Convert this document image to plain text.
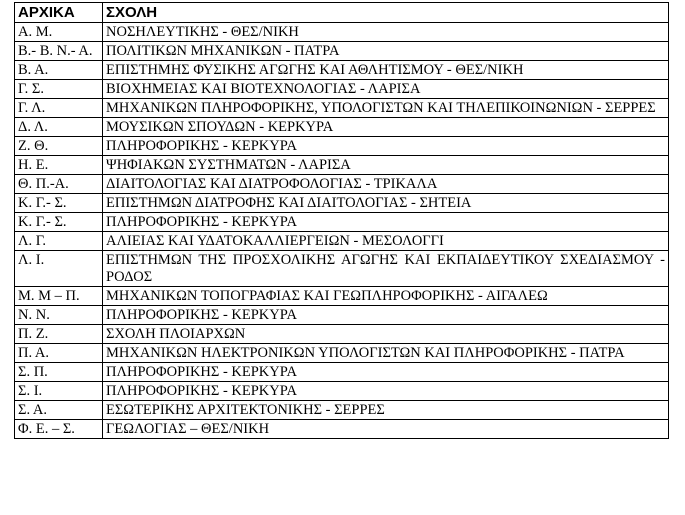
ΑΡΧΙΚΑ	ΣΧΟΛΗ
Α. Μ.	ΝΟΣΗΛΕΥΤΙΚΗΣ - ΘΕΣ/ΝΙΚΗ
Β.- Β. Ν.- Α.	ΠΟΛΙΤΙΚΩΝ ΜΗΧΑΝΙΚΩΝ - ΠΑΤΡΑ
Β. Α.	ΕΠΙΣΤΗΜΗΣ ΦΥΣΙΚΗΣ ΑΓΩΓΗΣ ΚΑΙ ΑΘΛΗΤΙΣΜΟΥ - ΘΕΣ/ΝΙΚΗ
Γ. Σ.	ΒΙΟΧΗΜΕΙΑΣ ΚΑΙ ΒΙΟΤΕΧΝΟΛΟΓΙΑΣ - ΛΑΡΙΣΑ
Γ. Λ.	ΜΗΧΑΝΙΚΩΝ ΠΛΗΡΟΦΟΡΙΚΗΣ, ΥΠΟΛΟΓΙΣΤΩΝ ΚΑΙ ΤΗΛΕΠΙΚΟΙΝΩΝΙΩΝ - ΣΕΡΡΕΣ
Δ. Λ.	ΜΟΥΣΙΚΩΝ ΣΠΟΥΔΩΝ - ΚΕΡΚΥΡΑ
Ζ. Θ.	ΠΛΗΡΟΦΟΡΙΚΗΣ - ΚΕΡΚΥΡΑ
Η. Ε.	ΨΗΦΙΑΚΩΝ ΣΥΣΤΗΜΑΤΩΝ - ΛΑΡΙΣΑ
Θ. Π.-Α.	ΔΙΑΙΤΟΛΟΓΙΑΣ ΚΑΙ ΔΙΑΤΡΟΦΟΛΟΓΙΑΣ - ΤΡΙΚΑΛΑ
Κ. Γ.- Σ.	ΕΠΙΣΤΗΜΩΝ ΔΙΑΤΡΟΦΗΣ ΚΑΙ ΔΙΑΙΤΟΛΟΓΙΑΣ - ΣΗΤΕΙΑ
Κ. Γ.- Σ.	ΠΛΗΡΟΦΟΡΙΚΗΣ - ΚΕΡΚΥΡΑ
Λ. Γ.	ΑΛΙΕΙΑΣ ΚΑΙ ΥΔΑΤΟΚΑΛΛΙΕΡΓΕΙΩΝ - ΜΕΣΟΛΟΓΓΙ
Λ. Ι.	ΕΠΙΣΤΗΜΩΝ ΤΗΣ ΠΡΟΣΧΟΛΙΚΗΣ ΑΓΩΓΗΣ ΚΑΙ ΕΚΠΑΙΔΕΥΤΙΚΟΥ ΣΧΕΔΙΑΣΜΟΥ - ΡΟΔΟΣ
Μ. Μ – Π.	ΜΗΧΑΝΙΚΩΝ ΤΟΠΟΓΡΑΦΙΑΣ ΚΑΙ ΓΕΩΠΛΗΡΟΦΟΡΙΚΗΣ - ΑΙΓΑΛΕΩ
Ν. Ν.	ΠΛΗΡΟΦΟΡΙΚΗΣ - ΚΕΡΚΥΡΑ
Π. Ζ.	ΣΧΟΛΗ ΠΛΟΙΑΡΧΩΝ
Π. Α.	ΜΗΧΑΝΙΚΩΝ ΗΛΕΚΤΡΟΝΙΚΩΝ ΥΠΟΛΟΓΙΣΤΩΝ ΚΑΙ ΠΛΗΡΟΦΟΡΙΚΗΣ - ΠΑΤΡΑ
Σ. Π.	ΠΛΗΡΟΦΟΡΙΚΗΣ - ΚΕΡΚΥΡΑ
Σ. Ι.	ΠΛΗΡΟΦΟΡΙΚΗΣ - ΚΕΡΚΥΡΑ
Σ. Α.	ΕΣΩΤΕΡΙΚΗΣ ΑΡΧΙΤΕΚΤΟΝΙΚΗΣ - ΣΕΡΡΕΣ
Φ. Ε. – Σ.	ΓΕΩΛΟΓΙΑΣ – ΘΕΣ/ΝΙΚΗ
